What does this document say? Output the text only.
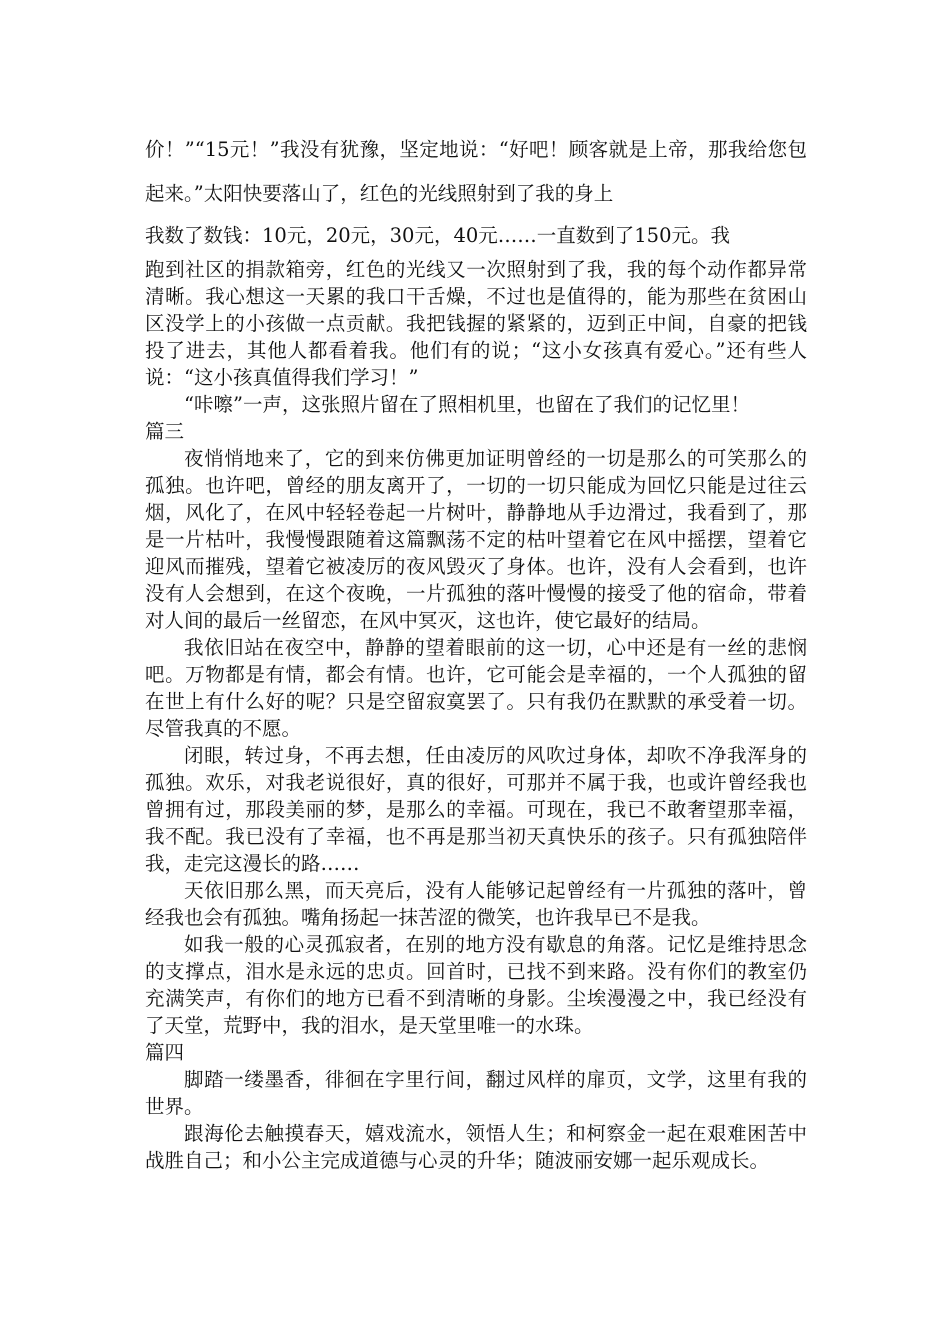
价！”“15元！”我没有犹豫，坚定地说：“好吧！顾客就是上帝，那我给您包起来。”太阳快要落山了，红色的光线照射到了我的身上

我数了数钱：10元，20元，30元，40元……一直数到了150元。我

跑到社区的捐款箱旁，红色的光线又一次照射到了我，我的每个动作都异常清晰。我心想这一天累的我口干舌燥，不过也是值得的，能为那些在贫困山区没学上的小孩做一点贡献。我把钱握的紧紧的，迈到正中间，自豪的把钱投了进去，其他人都看着我。他们有的说；“这小女孩真有爱心。”还有些人说：“这小孩真值得我们学习！”

“咔嚓”一声，这张照片留在了照相机里，也留在了我们的记忆里！

篇三

夜悄悄地来了，它的到来仿佛更加证明曾经的一切是那么的可笑那么的孤独。也许吧，曾经的朋友离开了，一切的一切只能成为回忆只能是过往云烟，风化了，在风中轻轻卷起一片树叶，静静地从手边滑过，我看到了，那是一片枯叶，我慢慢跟随着这篇飘荡不定的枯叶望着它在风中摇摆，望着它迎风而摧残，望着它被凌厉的夜风毁灭了身体。也许，没有人会看到，也许没有人会想到，在这个夜晚，一片孤独的落叶慢慢的接受了他的宿命，带着对人间的最后一丝留恋，在风中冥灭，这也许，使它最好的结局。

我依旧站在夜空中，静静的望着眼前的这一切，心中还是有一丝的悲悯吧。万物都是有情，都会有情。也许，它可能会是幸福的，一个人孤独的留在世上有什么好的呢？只是空留寂寞罢了。只有我仍在默默的承受着一切。尽管我真的不愿。

闭眼，转过身，不再去想，任由凌厉的风吹过身体，却吹不净我浑身的孤独。欢乐，对我老说很好，真的很好，可那并不属于我，也或许曾经我也曾拥有过，那段美丽的梦，是那么的幸福。可现在，我已不敢奢望那幸福，我不配。我已没有了幸福，也不再是那当初天真快乐的孩子。只有孤独陪伴我，走完这漫长的路……

天依旧那么黑，而天亮后，没有人能够记起曾经有一片孤独的落叶，曾经我也会有孤独。嘴角扬起一抹苦涩的微笑，也许我早已不是我。

如我一般的心灵孤寂者，在别的地方没有歇息的角落。记忆是维持思念的支撑点，泪水是永远的忠贞。回首时，已找不到来路。没有你们的教室仍充满笑声，有你们的地方已看不到清晰的身影。尘埃漫漫之中，我已经没有了天堂，荒野中，我的泪水，是天堂里唯一的水珠。

篇四

脚踏一缕墨香，徘徊在字里行间，翻过风样的扉页，文学，这里有我的世界。

跟海伦去触摸春天，嬉戏流水，领悟人生；和柯察金一起在艰难困苦中战胜自己；和小公主完成道德与心灵的升华；随波丽安娜一起乐观成长。
